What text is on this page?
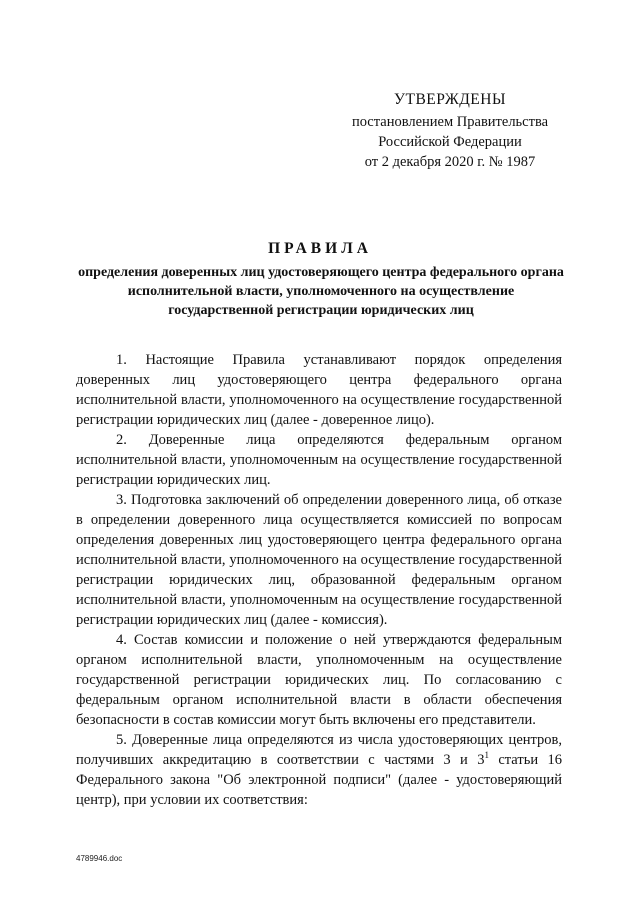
УТВЕРЖДЕНЫ
постановлением Правительства
Российской Федерации
от 2 декабря 2020 г. № 1987
ПРАВИЛА
определения доверенных лиц удостоверяющего центра федерального органа исполнительной власти, уполномоченного на осуществление государственной регистрации юридических лиц

1. Настоящие Правила устанавливают порядок определения доверенных лиц удостоверяющего центра федерального органа исполнительной власти, уполномоченного на осуществление государственной регистрации юридических лиц (далее - доверенное лицо).

2. Доверенные лица определяются федеральным органом исполнительной власти, уполномоченным на осуществление государственной регистрации юридических лиц.

3. Подготовка заключений об определении доверенного лица, об отказе в определении доверенного лица осуществляется комиссией по вопросам определения доверенных лиц удостоверяющего центра федерального органа исполнительной власти, уполномоченного на осуществление государственной регистрации юридических лиц, образованной федеральным органом исполнительной власти, уполномоченным на осуществление государственной регистрации юридических лиц (далее - комиссия).

4. Состав комиссии и положение о ней утверждаются федеральным органом исполнительной власти, уполномоченным на осуществление государственной регистрации юридических лиц. По согласованию с федеральным органом исполнительной власти в области обеспечения безопасности в состав комиссии могут быть включены его представители.

5. Доверенные лица определяются из числа удостоверяющих центров, получивших аккредитацию в соответствии с частями 3 и $3^1$ статьи 16 Федерального закона "Об электронной подписи" (далее - удостоверяющий центр), при условии их соответствия:

4789946.doc
